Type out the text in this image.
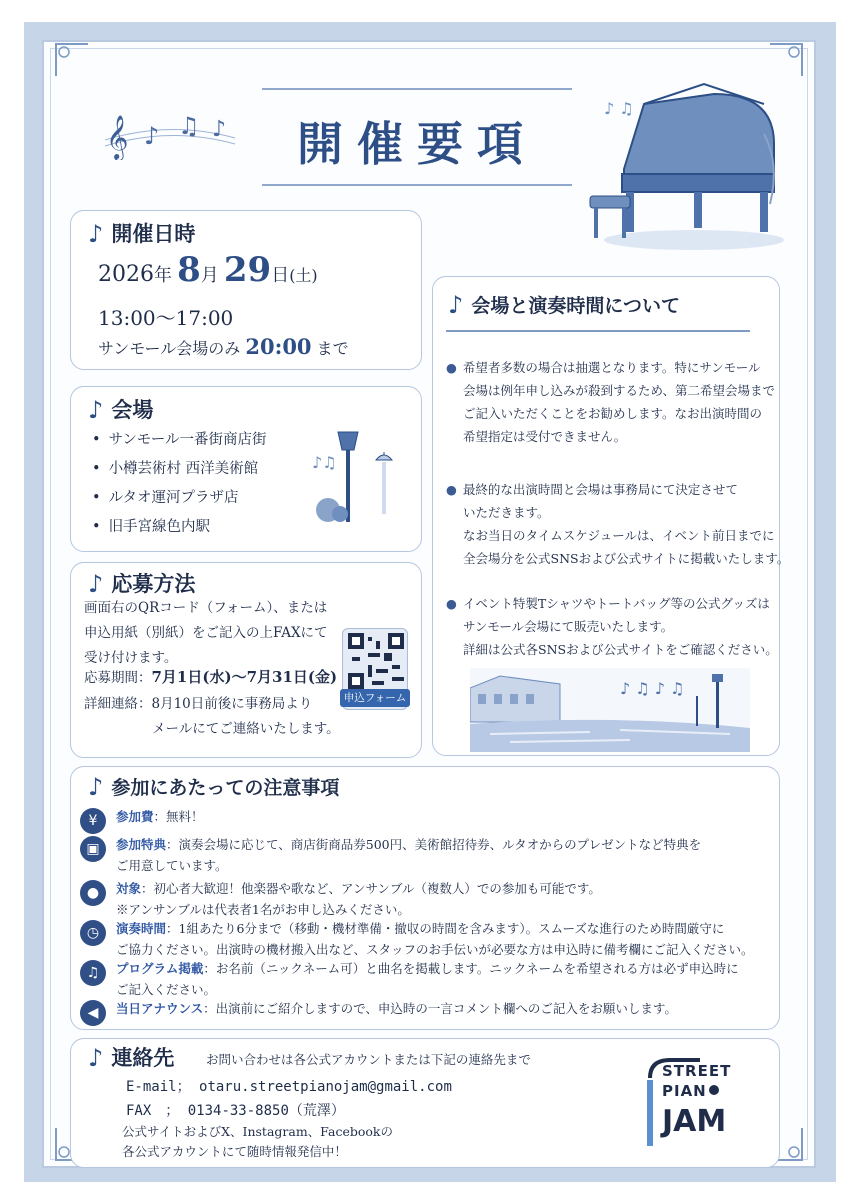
開催要項
𝄞 ♪ ♫ ♪
♪ ♫
♪ 開催日時
2026年 8月 29日(土)
13:00〜17:00
サンモール会場のみ 20:00 まで
♪ 会場
• サンモール一番街商店街
• 小樽芸術村 西洋美術館
• ルタオ運河プラザ店
• 旧手宮線色内駅
♪♫
♪ 応募方法
画面右のQRコード（フォーム）、または
申込用紙（別紙）をご記入の上FAXにて
受け付けます。
応募期間：7月1日(水)〜7月31日(金)
詳細連絡：8月10日前後に事務局より
メールにてご連絡いたします。
申込フォーム
♪ 会場と演奏時間について
● 希望者多数の場合は抽選となります。特にサンモール
会場は例年申し込みが殺到するため、第二希望会場まで
ご記入いただくことをお勧めします。なお出演時間の
希望指定は受付できません。
● 最終的な出演時間と会場は事務局にて決定させて
いただきます。
なお当日のタイムスケジュールは、イベント前日までに
全会場分を公式SNSおよび公式サイトに掲載いたします。
● イベント特製Tシャツやトートバッグ等の公式グッズは
サンモール会場にて販売いたします。
詳細は公式各SNSおよび公式サイトをご確認ください。
♪ ♫ ♪ ♫
♪ 参加にあたっての注意事項
¥	参加費：無料！
▣	参加特典：演奏会場に応じて、商店街商品券500円、美術館招待券、ルタオからのプレゼントなど特典を
ご用意しています。
●	対象：初心者大歓迎！他楽器や歌など、アンサンブル（複数人）での参加も可能です。
※アンサンブルは代表者1名がお申し込みください。
◷	演奏時間：1組あたり6分まで（移動・機材準備・撤収の時間を含みます）。スムーズな進行のため時間厳守に
ご協力ください。出演時の機材搬入出など、スタッフのお手伝いが必要な方は申込時に備考欄にご記入ください。
♫	プログラム掲載：お名前（ニックネーム可）と曲名を掲載します。ニックネームを希望される方は必ず申込時に
ご記入ください。
◀	当日アナウンス：出演前にご紹介しますので、申込時の一言コメント欄へのご記入をお願いします。
♪ 連絡先	お問い合わせは各公式アカウントまたは下記の連絡先まで
E-mail； otaru.streetpianojam@gmail.com
FAX　； 0134-33-8850（荒澤）
公式サイトおよびX、Instagram、Facebookの
各公式アカウントにて随時情報発信中！
STREET
PIAN
JAM
